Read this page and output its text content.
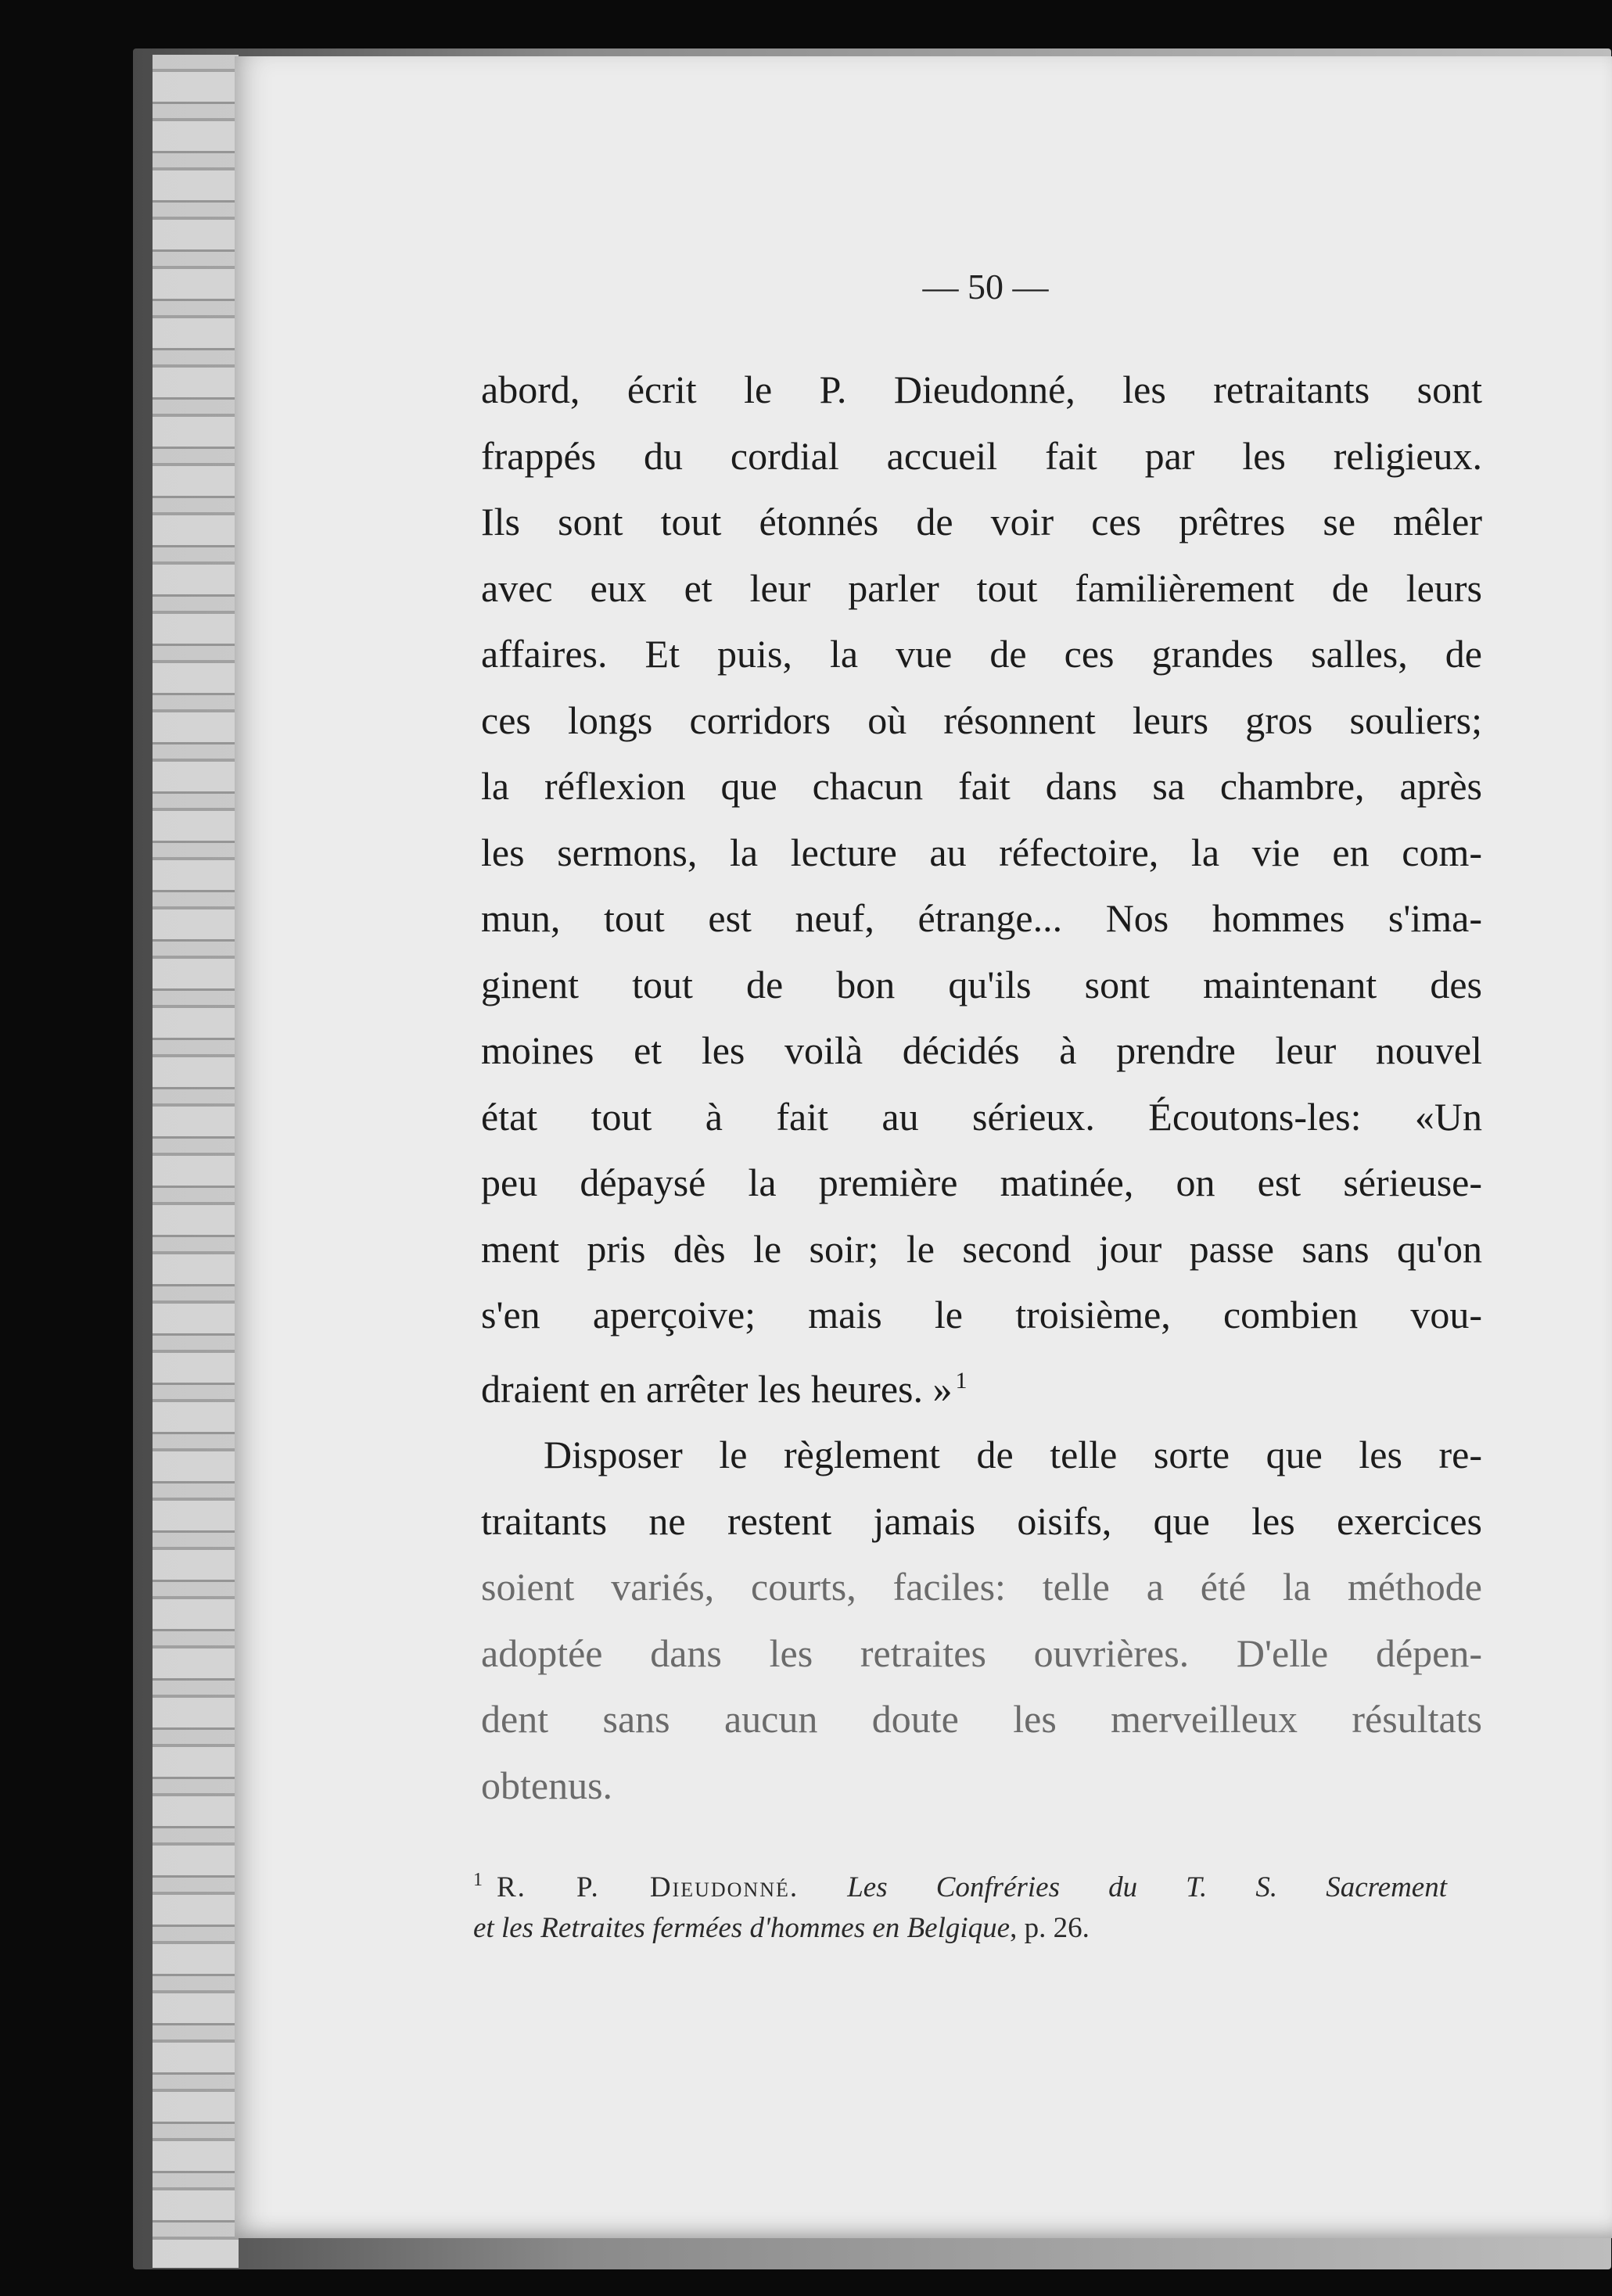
— 50 —
abord, écrit le P. Dieudonné, les retraitants sont
frappés du cordial accueil fait par les religieux.
Ils sont tout étonnés de voir ces prêtres se mêler
avec eux et leur parler tout familièrement de leurs
affaires. Et puis, la vue de ces grandes salles, de
ces longs corridors où résonnent leurs gros souliers;
la réflexion que chacun fait dans sa chambre, après
les sermons, la lecture au réfectoire, la vie en com-
mun, tout est neuf, étrange... Nos hommes s'ima-
ginent tout de bon qu'ils sont maintenant des
moines et les voilà décidés à prendre leur nouvel
état tout à fait au sérieux. Écoutons-les: «Un
peu dépaysé la première matinée, on est sérieuse-
ment pris dès le soir; le second jour passe sans qu'on
s'en aperçoive; mais le troisième, combien vou-
draient en arrêter les heures. » $^1$
Disposer le règlement de telle sorte que les re-
traitants ne restent jamais oisifs, que les exercices
soient variés, courts, faciles: telle a été la méthode
adoptée dans les retraites ouvrières. D'elle dépen-
dent sans aucun doute les merveilleux résultats
obtenus.
$^1$ R. P. Dieudonné. Les Confréries du T. S. Sacrement
et les Retraites fermées d'hommes en Belgique, p. 26.
